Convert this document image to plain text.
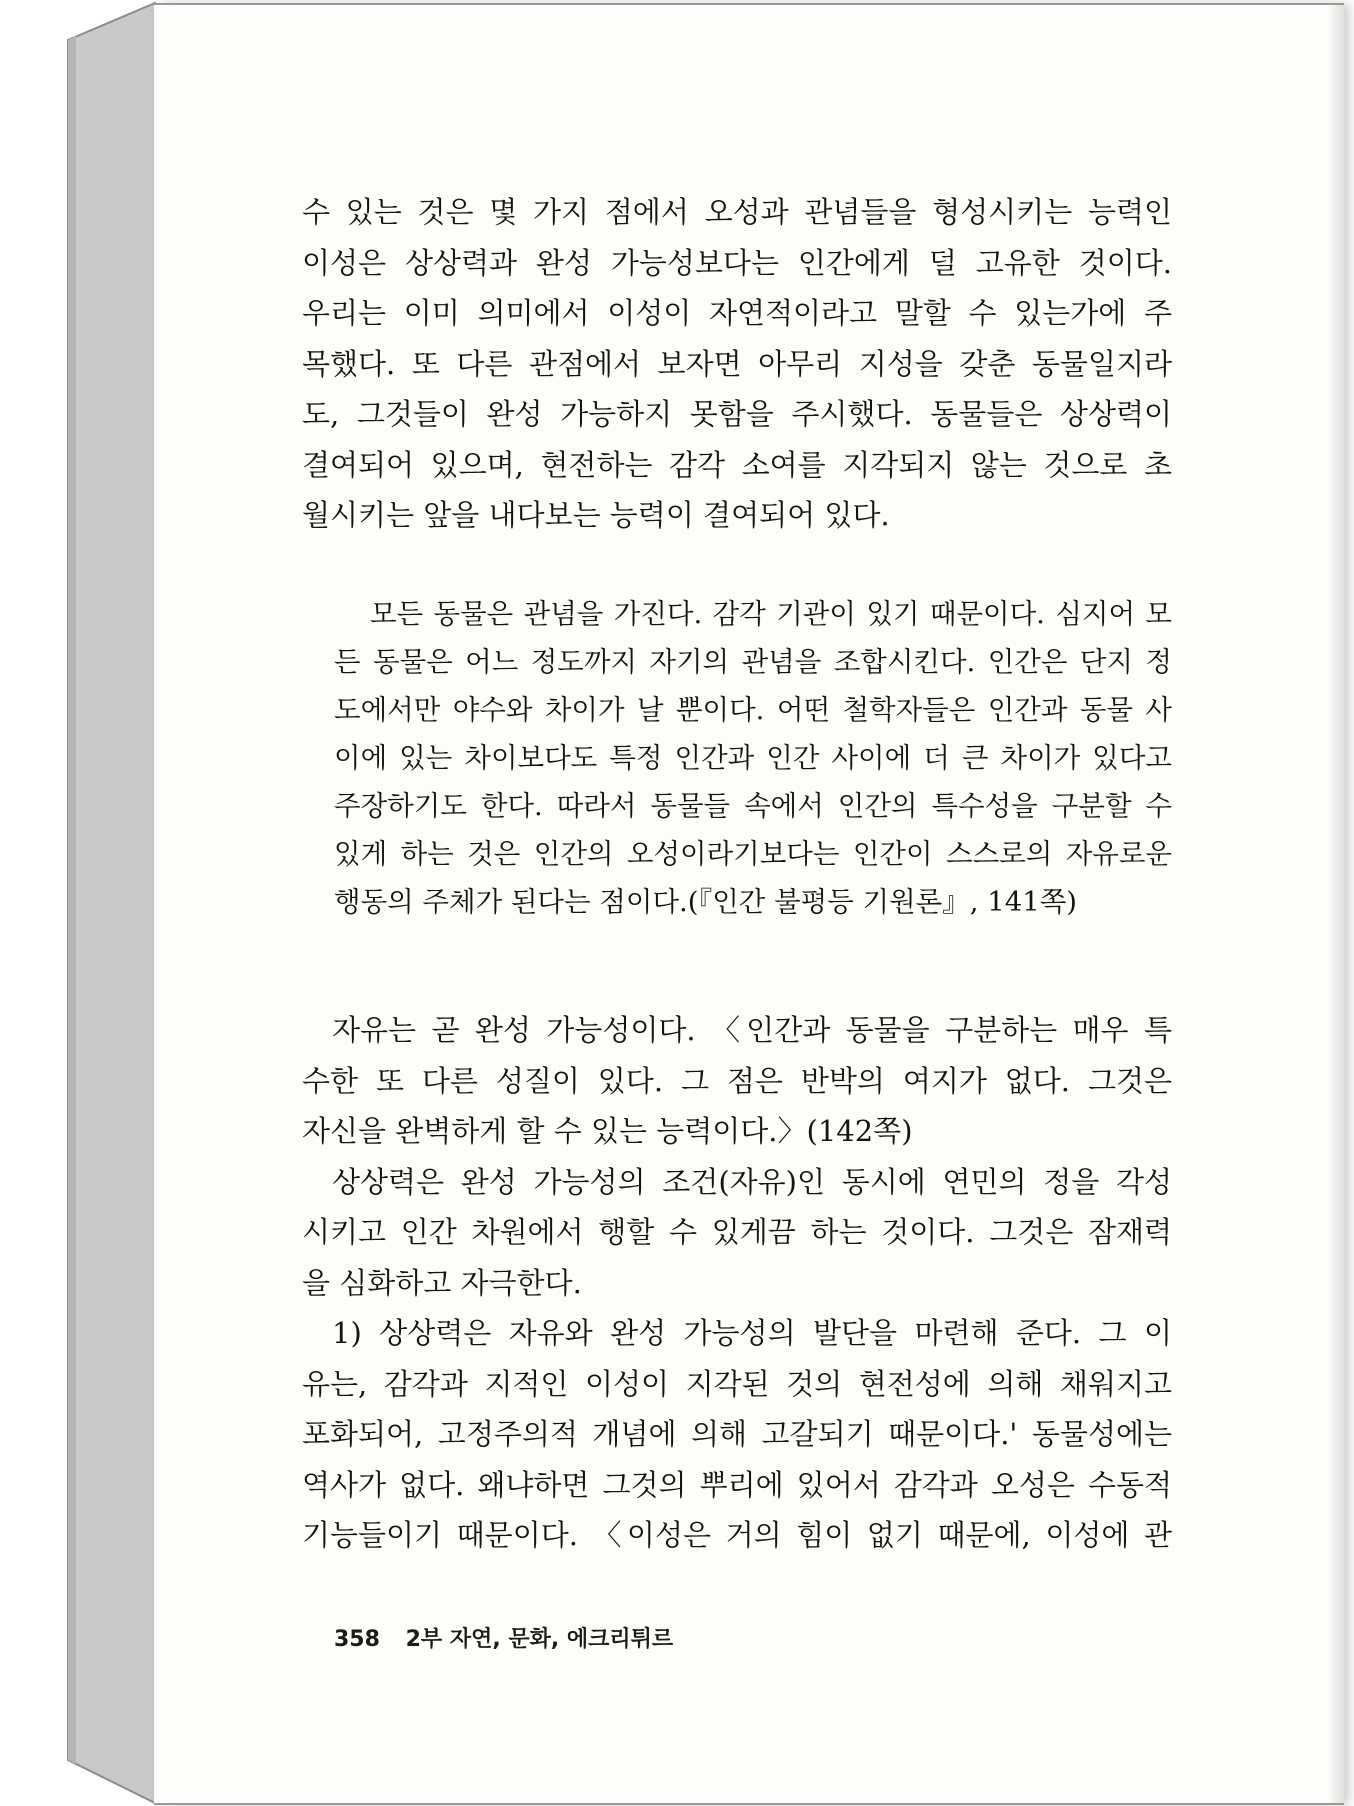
수 있는 것은 몇 가지 점에서 오성과 관념들을 형성시키는 능력인
이성은 상상력과 완성 가능성보다는 인간에게 덜 고유한 것이다.
우리는 이미 의미에서 이성이 자연적이라고 말할 수 있는가에 주
목했다. 또 다른 관점에서 보자면 아무리 지성을 갖춘 동물일지라
도, 그것들이 완성 가능하지 못함을 주시했다. 동물들은 상상력이
결여되어 있으며, 현전하는 감각 소여를 지각되지 않는 것으로 초
월시키는 앞을 내다보는 능력이 결여되어 있다.
모든 동물은 관념을 가진다. 감각 기관이 있기 때문이다. 심지어 모
든 동물은 어느 정도까지 자기의 관념을 조합시킨다. 인간은 단지 정
도에서만 야수와 차이가 날 뿐이다. 어떤 철학자들은 인간과 동물 사
이에 있는 차이보다도 특정 인간과 인간 사이에 더 큰 차이가 있다고
주장하기도 한다. 따라서 동물들 속에서 인간의 특수성을 구분할 수
있게 하는 것은 인간의 오성이라기보다는 인간이 스스로의 자유로운
행동의 주체가 된다는 점이다.(『인간 불평등 기원론』, 141쪽)
자유는 곧 완성 가능성이다. 〈인간과 동물을 구분하는 매우 특
수한 또 다른 성질이 있다. 그 점은 반박의 여지가 없다. 그것은
자신을 완벽하게 할 수 있는 능력이다.〉(142쪽)
상상력은 완성 가능성의 조건(자유)인 동시에 연민의 정을 각성
시키고 인간 차원에서 행할 수 있게끔 하는 것이다. 그것은 잠재력
을 심화하고 자극한다.
1) 상상력은 자유와 완성 가능성의 발단을 마련해 준다. 그 이
유는, 감각과 지적인 이성이 지각된 것의 현전성에 의해 채워지고
포화되어, 고정주의적 개념에 의해 고갈되기 때문이다.' 동물성에는
역사가 없다. 왜냐하면 그것의 뿌리에 있어서 감각과 오성은 수동적
기능들이기 때문이다. 〈이성은 거의 힘이 없기 때문에, 이성에 관
358 2부 자연, 문화, 에크리튀르
